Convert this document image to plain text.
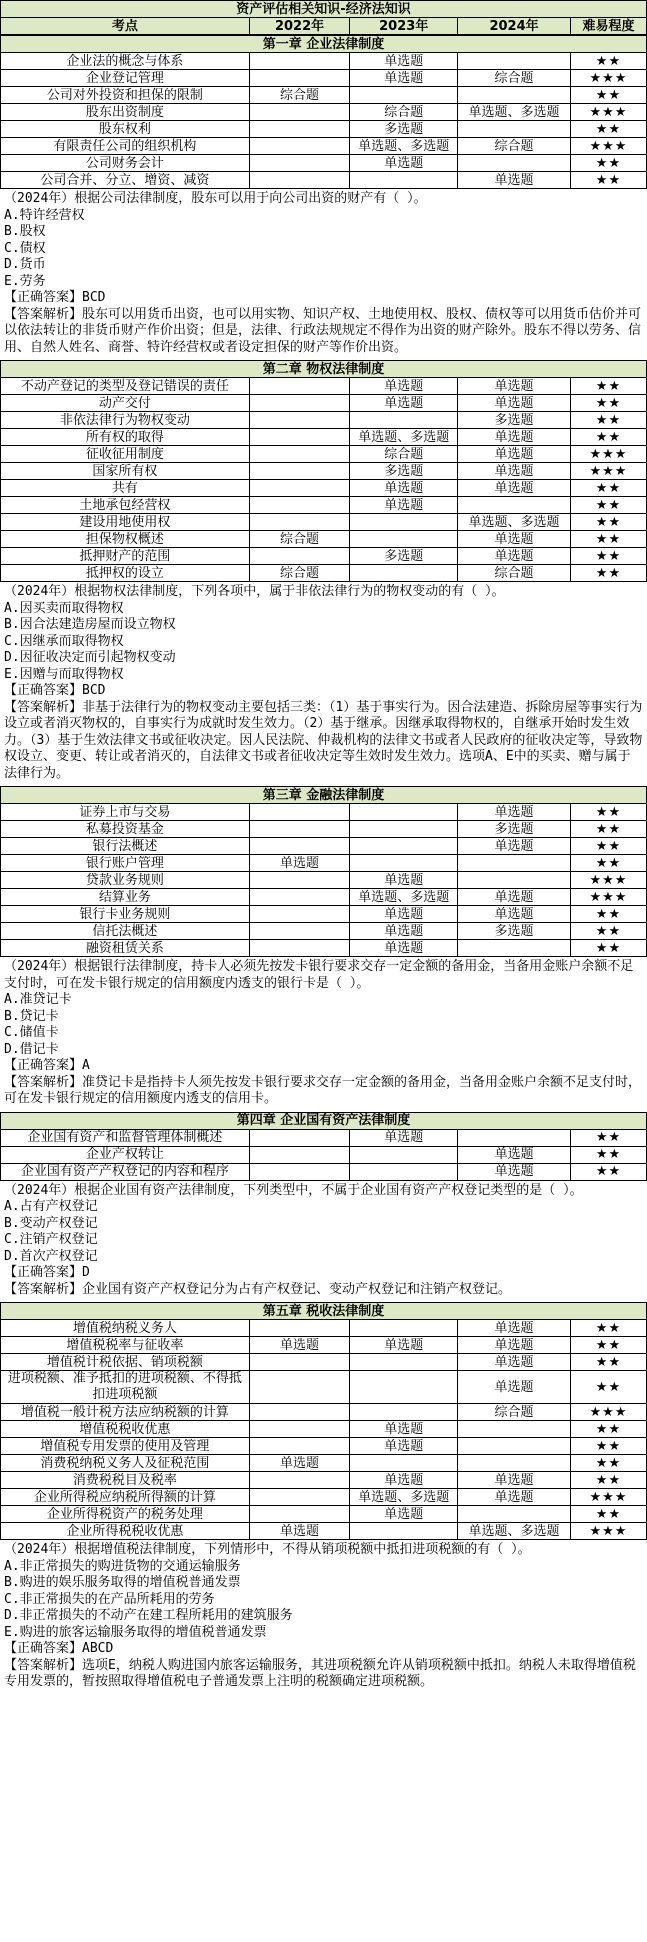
资产评估相关知识-经济法知识
考点	2022年	2023年	2024年	难易程度
第一章 企业法律制度				
企业法的概念与体系		单选题		★★
企业登记管理		单选题	综合题	★★★
公司对外投资和担保的限制	综合题			★★
股东出资制度		综合题	单选题、多选题	★★★
股东权利		多选题		★★
有限责任公司的组织机构		单选题、多选题	综合题	★★★
公司财务会计		单选题		★★
公司合并、分立、增资、减资			单选题	★★

（2024年）根据公司法律制度，股东可以用于向公司出资的财产有（ ）。

A.特许经营权

B.股权

C.债权

D.货币

E.劳务

【正确答案】BCD

【答案解析】股东可以用货币出资，也可以用实物、知识产权、土地使用权、股权、债权等可以用货币估价并可以依法转让的非货币财产作价出资；但是，法律、行政法规规定不得作为出资的财产除外。股东不得以劳务、信用、自然人姓名、商誉、特许经营权或者设定担保的财产等作价出资。

第二章 物权法律制度				
不动产登记的类型及登记错误的责任		单选题	单选题	★★
动产交付		单选题	单选题	★★
非依法律行为物权变动			多选题	★★
所有权的取得		单选题、多选题	单选题	★★
征收征用制度		综合题	单选题	★★★
国家所有权		多选题	单选题	★★★
共有		单选题	单选题	★★
土地承包经营权		单选题		★★
建设用地使用权			单选题、多选题	★★
担保物权概述	综合题		单选题	★★
抵押财产的范围		多选题	单选题	★★
抵押权的设立	综合题		综合题	★★

（2024年）根据物权法律制度，下列各项中，属于非依法律行为的物权变动的有（ ）。

A.因买卖而取得物权

B.因合法建造房屋而设立物权

C.因继承而取得物权

D.因征收决定而引起物权变动

E.因赠与而取得物权

【正确答案】BCD

【答案解析】非基于法律行为的物权变动主要包括三类：（1）基于事实行为。因合法建造、拆除房屋等事实行为设立或者消灭物权的，自事实行为成就时发生效力。（2）基于继承。因继承取得物权的，自继承开始时发生效力。（3）基于生效法律文书或征收决定。因人民法院、仲裁机构的法律文书或者人民政府的征收决定等，导致物权设立、变更、转让或者消灭的，自法律文书或者征收决定等生效时发生效力。选项A、E中的买卖、赠与属于法律行为。

第三章 金融法律制度				
证券上市与交易			单选题	★★
私募投资基金			多选题	★★
银行法概述			单选题	★★
银行账户管理	单选题			★★
贷款业务规则		单选题		★★★
结算业务		单选题、多选题	单选题	★★★
银行卡业务规则		单选题	单选题	★★
信托法概述		单选题	多选题	★★
融资租赁关系		单选题		★★

（2024年）根据银行法律制度，持卡人必须先按发卡银行要求交存一定金额的备用金，当备用金账户余额不足支付时，可在发卡银行规定的信用额度内透支的银行卡是（ ）。

A.准贷记卡

B.贷记卡

C.储值卡

D.借记卡

【正确答案】A

【答案解析】准贷记卡是指持卡人须先按发卡银行要求交存一定金额的备用金，当备用金账户余额不足支付时，可在发卡银行规定的信用额度内透支的信用卡。

第四章 企业国有资产法律制度				
企业国有资产和监督管理体制概述		单选题		★★
企业产权转让			单选题	★★
企业国有资产产权登记的内容和程序			单选题	★★

（2024年）根据企业国有资产法律制度，下列类型中，不属于企业国有资产产权登记类型的是（ ）。

A.占有产权登记

B.变动产权登记

C.注销产权登记

D.首次产权登记

【正确答案】D

【答案解析】企业国有资产产权登记分为占有产权登记、变动产权登记和注销产权登记。

第五章 税收法律制度				
增值税纳税义务人			单选题	★★
增值税税率与征收率	单选题	单选题	单选题	★★
增值税计税依据、销项税额			单选题	★★
进项税额、准予抵扣的进项税额、不得抵扣进项税额			单选题	★★
增值税一般计税方法应纳税额的计算			综合题	★★★
增值税税收优惠		单选题		★★
增值税专用发票的使用及管理		单选题		★★
消费税纳税义务人及征税范围	单选题			★★
消费税税目及税率		单选题	单选题	★★
企业所得税应纳税所得额的计算		单选题、多选题	单选题	★★★
企业所得税资产的税务处理		单选题		★★
企业所得税税收优惠	单选题		单选题、多选题	★★★

（2024年）根据增值税法律制度，下列情形中，不得从销项税额中抵扣进项税额的有（ ）。

A.非正常损失的购进货物的交通运输服务

B.购进的娱乐服务取得的增值税普通发票

C.非正常损失的在产品所耗用的劳务

D.非正常损失的不动产在建工程所耗用的建筑服务

E.购进的旅客运输服务取得的增值税普通发票

【正确答案】ABCD

【答案解析】选项E，纳税人购进国内旅客运输服务，其进项税额允许从销项税额中抵扣。纳税人未取得增值税专用发票的，暂按照取得增值税电子普通发票上注明的税额确定进项税额。
